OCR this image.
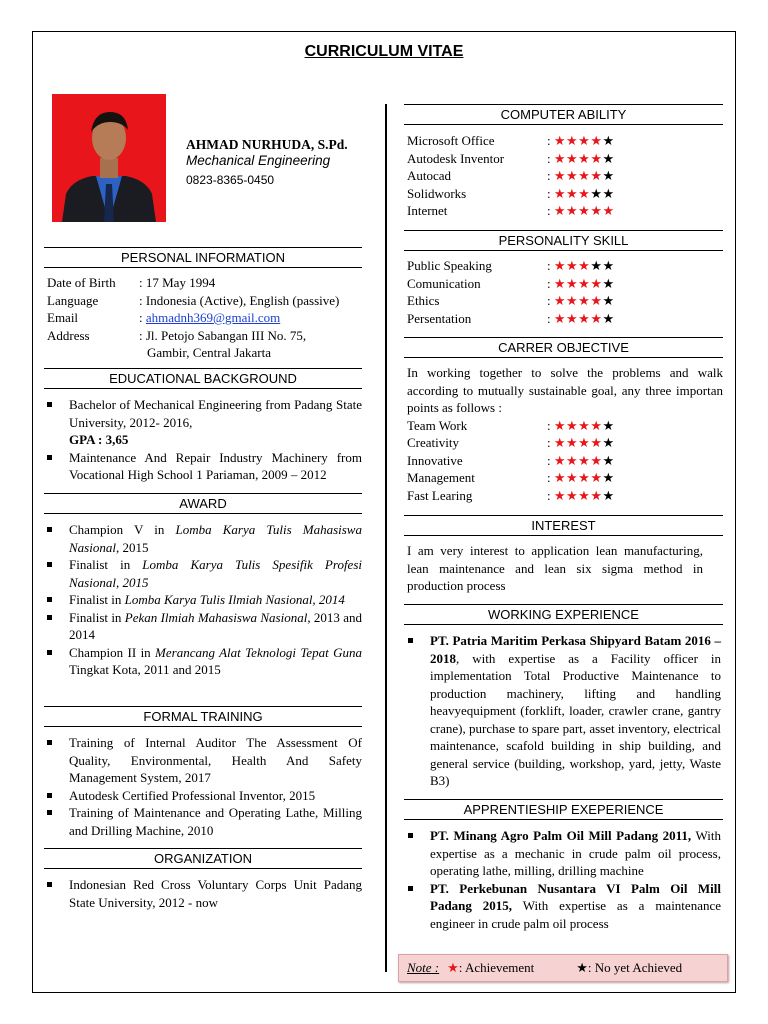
CURRICULUM VITAE
AHMAD NURHUDA, S.Pd.
Mechanical Engineering
0823-8365-0450
PERSONAL INFORMATION
Date of Birth	: 17 May 1994
Language	: Indonesia (Active), English (passive)
Email	: ahmadnh369@gmail.com
Address	: Jl. Petojo Sabangan III No. 75,
Gambir, Central Jakarta
EDUCATIONAL BACKGROUND
Bachelor of Mechanical Engineering from Padang State University, 2012- 2016,
GPA : 3,65
Maintenance And Repair Industry Machinery from Vocational High School 1 Pariaman, 2009 – 2012
AWARD
Champion V in Lomba Karya Tulis Mahasiswa Nasional, 2015
Finalist in Lomba Karya Tulis Spesifik Profesi Nasional, 2015
Finalist in Lomba Karya Tulis Ilmiah Nasional, 2014
Finalist in Pekan Ilmiah Mahasiswa Nasional, 2013 and 2014
Champion II in Merancang Alat Teknologi Tepat Guna Tingkat Kota, 2011 and 2015
FORMAL TRAINING
Training of Internal Auditor The Assessment Of Quality, Environmental, Health And Safety Management System, 2017
Autodesk Certified Professional Inventor, 2015
Training of Maintenance and Operating Lathe, Milling and Drilling Machine, 2010
ORGANIZATION
Indonesian Red Cross Voluntary Corps Unit Padang State University, 2012 - now
COMPUTER ABILITY
Microsoft Office	: ★★★★★
Autodesk Inventor	: ★★★★★
Autocad	: ★★★★★
Solidworks	: ★★★★★
Internet	: ★★★★★
PERSONALITY SKILL
Public Speaking	: ★★★★★
Comunication	: ★★★★★
Ethics	: ★★★★★
Persentation	: ★★★★★
CARRER OBJECTIVE
In working together to solve the problems and walk according to mutually sustainable goal, any three importan points as follows :
Team Work	: ★★★★★
Creativity	: ★★★★★
Innovative	: ★★★★★
Management	: ★★★★★
Fast Learing	: ★★★★★
INTEREST
I am very interest to application lean manufacturing, lean maintenance and lean six sigma method in production process
WORKING EXPERIENCE
PT. Patria Maritim Perkasa Shipyard Batam 2016 – 2018, with expertise as a Facility officer in implementation Total Productive Maintenance to production machinery, lifting and handling heavyequipment (forklift, loader, crawler crane, gantry crane), purchase to spare part, asset inventory, electrical maintenance, scafold building in ship building, and general service (building, workshop, yard, jetty, Waste B3)
APPRENTIESHIP EXEPERIENCE
PT. Minang Agro Palm Oil Mill Padang 2011, With expertise as a mechanic in crude palm oil process, operating lathe, milling, drilling machine
PT. Perkebunan Nusantara VI Palm Oil Mill Padang 2015, With expertise as a maintenance engineer in crude palm oil process
Note : ★ : Achievement	★ : No yet Achieved
